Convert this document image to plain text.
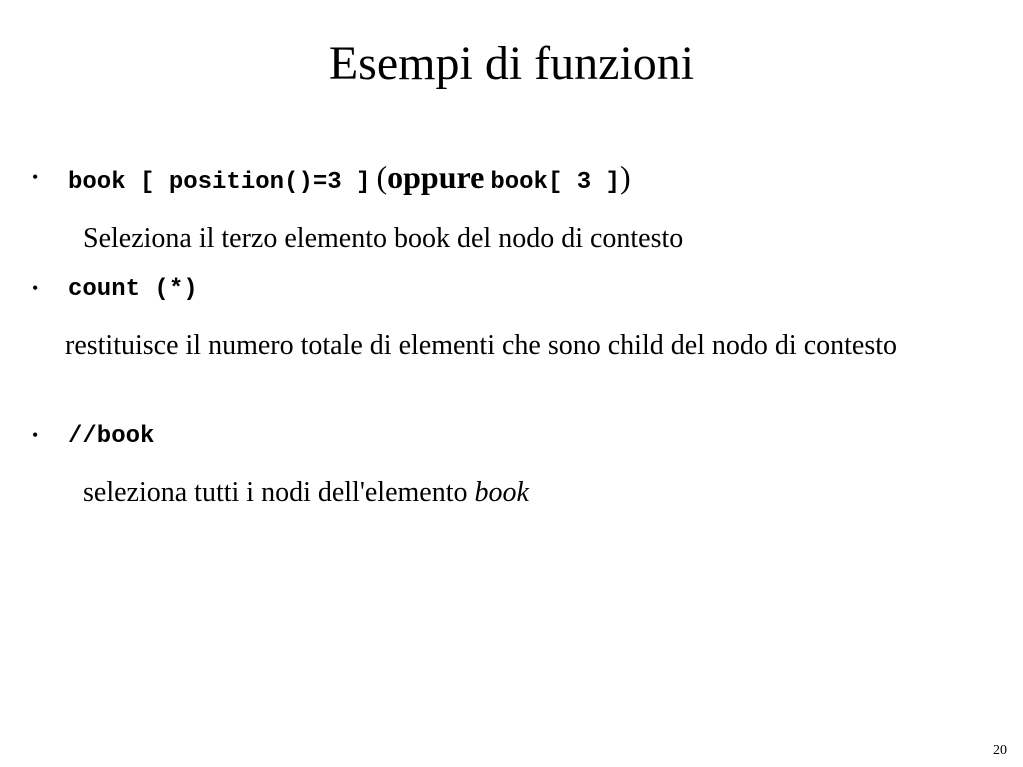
Esempi di funzioni
• book [ position()=3 ] (oppure book[ 3 ])
Seleziona il terzo elemento book del nodo di contesto
• count (*)
restituisce il numero totale di elementi che sono child del nodo di contesto
• //book
seleziona tutti i nodi dell'elemento book
20
